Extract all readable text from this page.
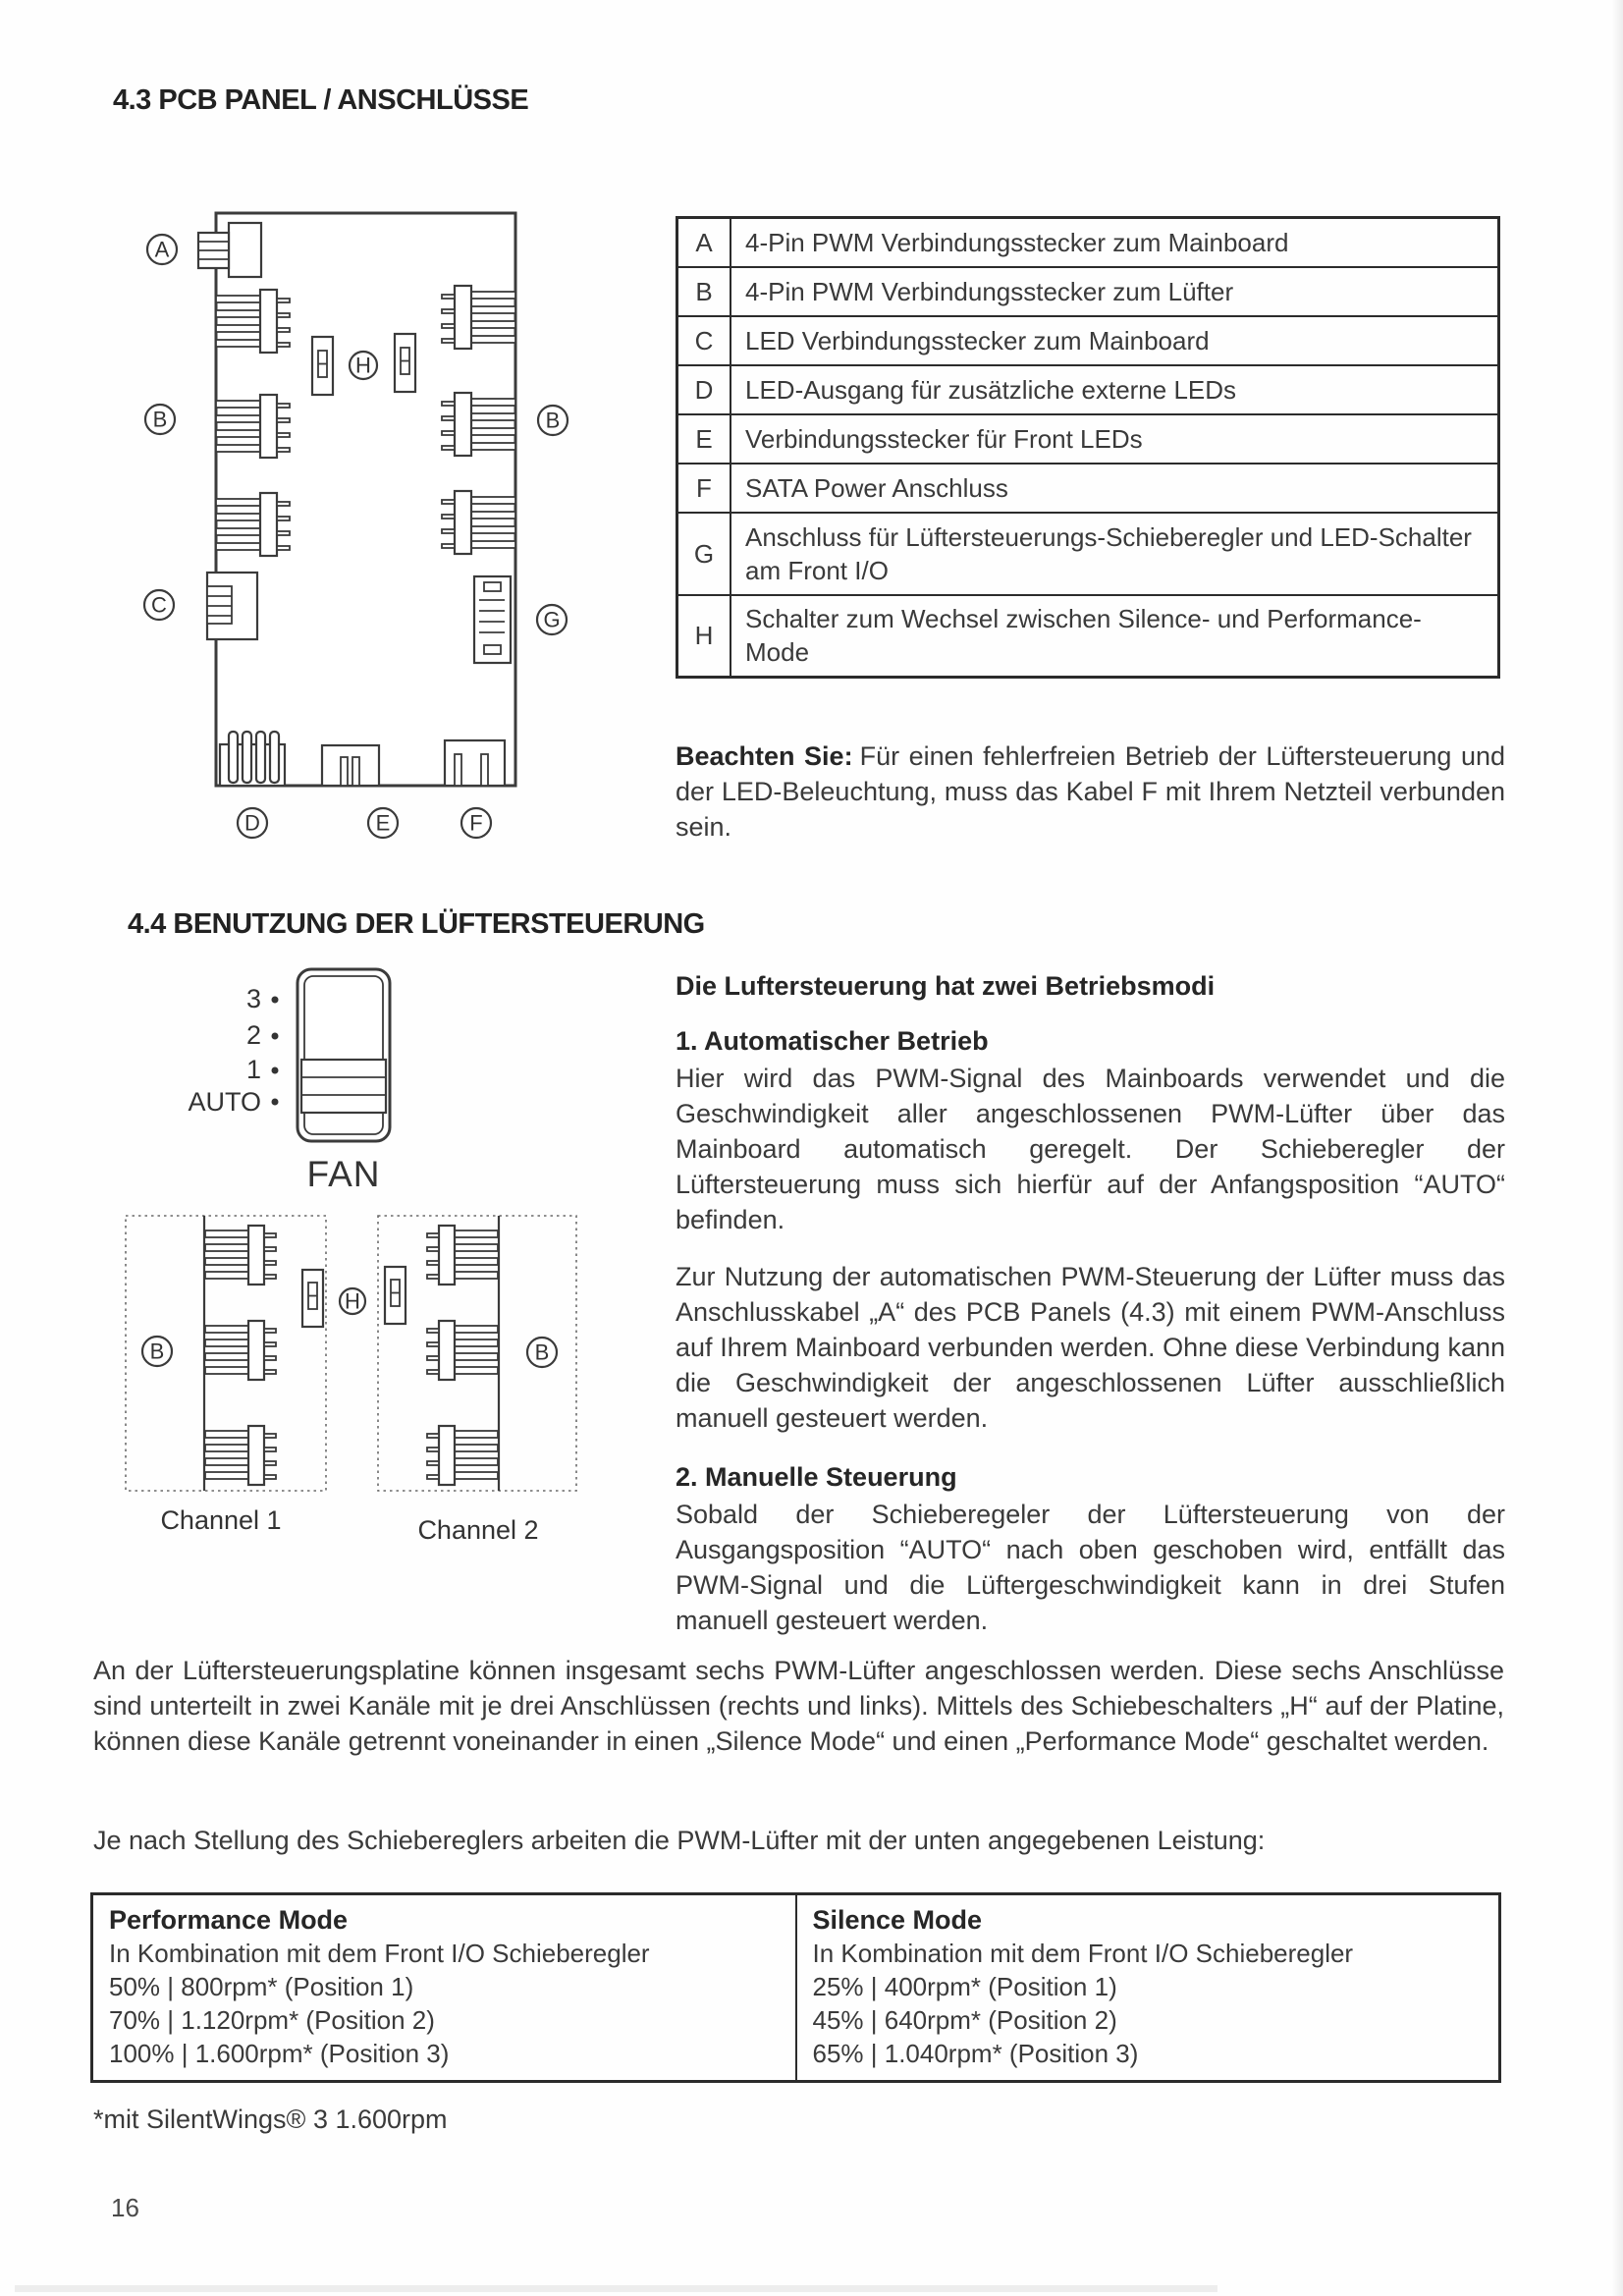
4.3 PCB PANEL / ANSCHLÜSSE
A
B	B
C
G
H
D	E	F
A	4-Pin PWM Verbindungsstecker zum Mainboard
B	4-Pin PWM Verbindungsstecker zum Lüfter
C	LED Verbindungsstecker zum Mainboard
D	LED-Ausgang für zusätzliche externe LEDs
E	Verbindungsstecker für Front LEDs
F	SATA Power Anschluss
G	Anschluss für Lüftersteuerungs-Schieberegler und LED-Schalter am Front I/O
H	Schalter zum Wechsel zwischen Silence- und Performance-Mode
Beachten Sie: Für einen fehlerfreien Betrieb der Lüftersteuerung und der LED-Beleuchtung, muss das Kabel F mit Ihrem Netzteil verbunden sein.
4.4 BENUTZUNG DER LÜFTERSTEUERUNG
3
2
1
AUTO
FAN
Die Luftersteuerung hat zwei Betriebsmodi
1. Automatischer Betrieb
Hier wird das PWM-Signal des Mainboards verwendet und die Geschwindigkeit aller angeschlossenen PWM-Lüfter über das Mainboard automatisch geregelt. Der Schieberegler der Lüftersteuerung muss sich hierfür auf der Anfangsposition “AUTO“ befinden.
Zur Nutzung der automatischen PWM-Steuerung der Lüfter muss das Anschlusskabel „A“ des PCB Panels (4.3) mit einem PWM-Anschluss auf Ihrem Mainboard verbunden werden. Ohne diese Verbindung kann die Geschwindigkeit der angeschlossenen Lüfter ausschließlich manuell gesteuert werden.
2. Manuelle Steuerung
Sobald der Schieberegeler der Lüftersteuerung von der Ausgangsposition “AUTO“ nach oben geschoben wird, entfällt das PWM-Signal und die Lüftergeschwindigkeit kann in drei Stufen manuell gesteuert werden.
B	B
H
Channel 1	Channel 2
An der Lüftersteuerungsplatine können insgesamt sechs PWM-Lüfter angeschlossen werden. Diese sechs Anschlüsse sind unterteilt in zwei Kanäle mit je drei Anschlüssen (rechts und links). Mittels des Schiebeschalters „H“ auf der Platine, können diese Kanäle getrennt voneinander in einen „Silence Mode“ und einen „Performance Mode“ geschaltet werden.
Je nach Stellung des Schiebereglers arbeiten die PWM-Lüfter mit der unten angegebenen Leistung:
Performance Mode
In Kombination mit dem Front I/O Schieberegler
50% | 800rpm* (Position 1)
70% | 1.120rpm* (Position 2)
100% | 1.600rpm* (Position 3)

Silence Mode
In Kombination mit dem Front I/O Schieberegler
25% | 400rpm* (Position 1)
45% | 640rpm* (Position 2)
65% | 1.040rpm* (Position 3)
*mit SilentWings® 3 1.600rpm
16
